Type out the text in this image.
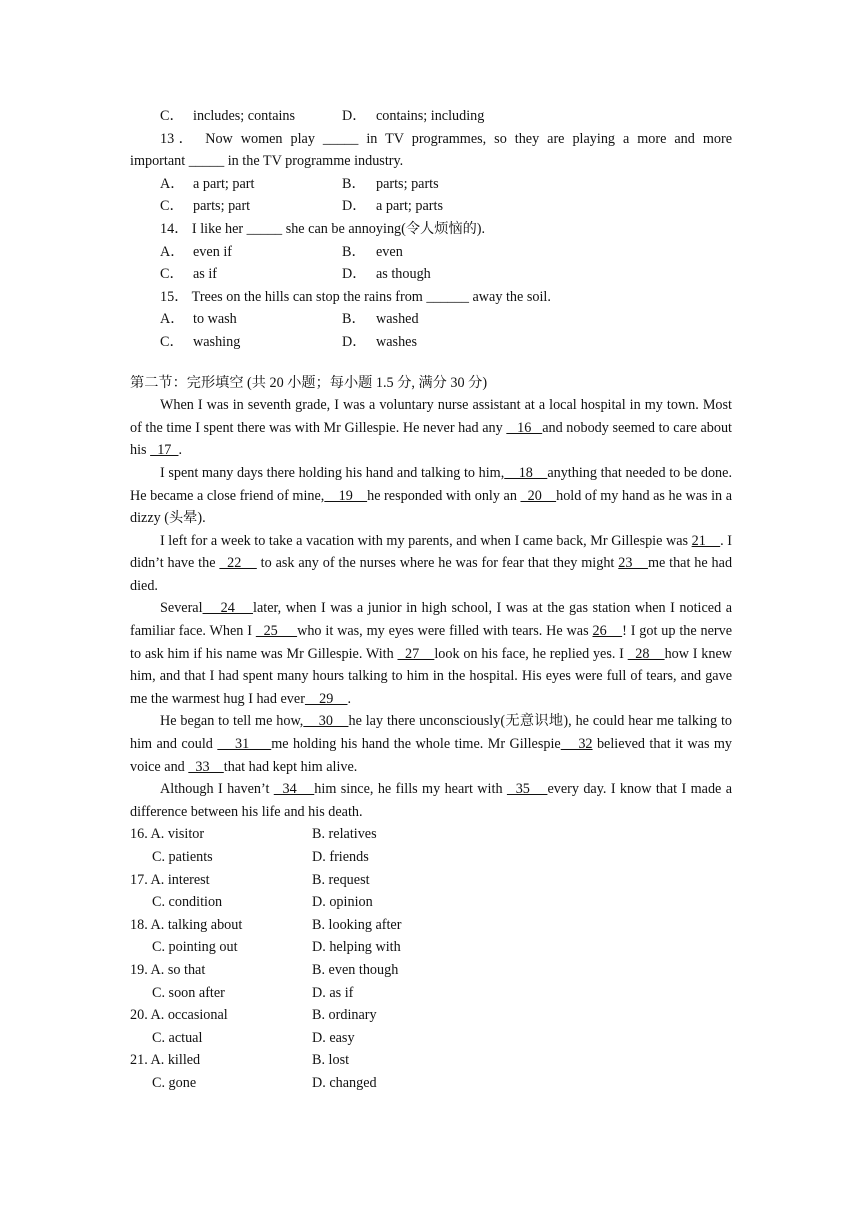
C． includes; contains	D． contains; including
13． Now women play _____ in TV programmes, so they are playing a more and more
important _____ in the TV programme industry.
A． a part; part	B． parts; parts
C． parts; part	D． a part; parts
14． I like her _____ she can be annoying(令人烦恼的).
A． even if	B． even
C． as if	D． as though
15． Trees on the hills can stop the rains from ______ away the soil.
A． to wash	B． washed
C． washing	D． washes
第二节：完形填空 (共 20 小题；每小题 1.5 分, 满分 30 分)

When I was in seventh grade, I was a voluntary nurse assistant at a local hospital in my town. Most of the time I spent there was with Mr Gillespie. He never had any    16   and nobody seemed to care about his   17  .

I spent many days there holding his hand and talking to him,    18    anything that needed to be done. He became a close friend of mine,    19    he responded with only an   20    hold of my hand as he was in a dizzy (头晕).

I left for a week to take a vacation with my parents, and when I came back, Mr Gillespie was 21    . I didn’t have the   22     to ask any of the nurses where he was for fear that they might 23    me that he had died.

Several    24    later, when I was a junior in high school, I was at the gas station when I noticed a familiar face. When I   25     who it was, my eyes were filled with tears. He was 26    ! I got up the nerve to ask him if his name was Mr Gillespie. With   27    look on his face, he replied yes. I   28    how I knew him, and that I had spent many hours talking to him in the hospital. His eyes were full of tears, and gave me the warmest hug I had ever    29    .

He began to tell me how,    30    he lay there unconsciously(无意识地), he could hear me talking to him and could     31     me holding his hand the whole time. Mr Gillespie    32 believed that it was my voice and   33    that had kept him alive.

Although I haven’t   34    him since, he fills my heart with   35    every day. I know that I made a difference between his life and his death.

16. A. visitor	B. relatives
C. patients	D. friends
17. A. interest	B. request
C. condition	D. opinion
18. A. talking about	B. looking after
C. pointing out	D. helping with
19. A. so that	B. even though
C. soon after	D. as if
20. A. occasional	B. ordinary
C. actual	D. easy
21. A. killed	B. lost
C. gone	D. changed
